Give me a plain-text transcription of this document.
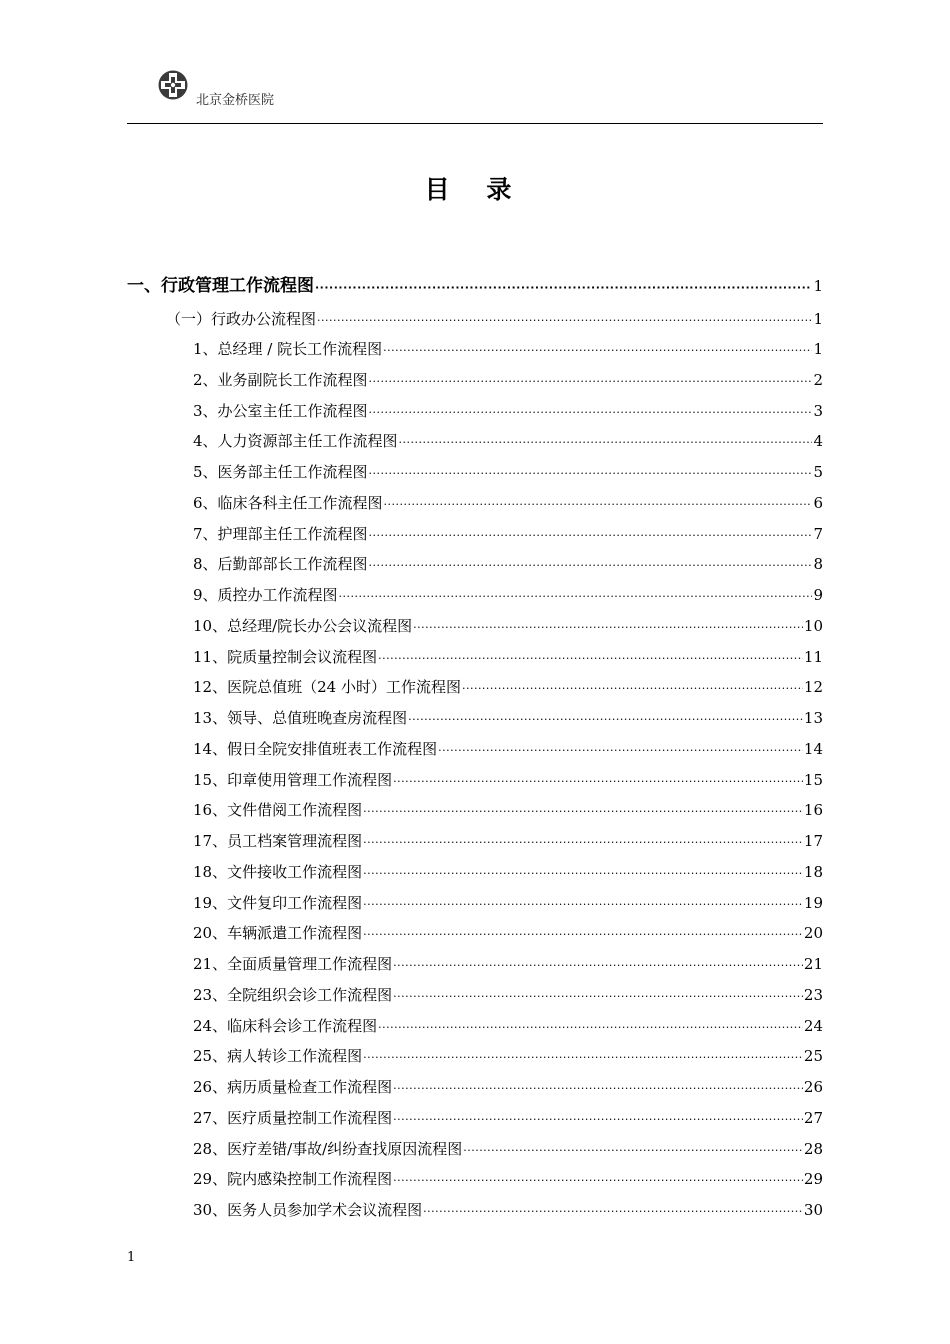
北京金桥医院
目 录
一、行政管理工作流程图 ·····	1
（一）行政办公流程图 ·····	1
1、总经理 / 院长工作流程图 ·····	1
2、业务副院长工作流程图 ·····	2
3、办公室主任工作流程图 ·····	3
4、人力资源部主任工作流程图 ·····	4
5、医务部主任工作流程图 ·····	5
6、临床各科主任工作流程图 ·····	6
7、护理部主任工作流程图 ·····	7
8、后勤部部长工作流程图 ·····	8
9、质控办工作流程图 ·····	9
10、总经理/院长办公会议流程图 ·····	10
11、院质量控制会议流程图 ·····	11
12、医院总值班（24 小时）工作流程图 ·····	12
13、领导、总值班晚查房流程图 ·····	13
14、假日全院安排值班表工作流程图 ·····	14
15、印章使用管理工作流程图 ·····	15
16、文件借阅工作流程图 ·····	16
17、员工档案管理流程图 ·····	17
18、文件接收工作流程图 ·····	18
19、文件复印工作流程图 ·····	19
20、车辆派遣工作流程图 ·····	20
21、全面质量管理工作流程图 ·····	21
23、全院组织会诊工作流程图 ·····	23
24、临床科会诊工作流程图 ·····	24
25、病人转诊工作流程图 ·····	25
26、病历质量检查工作流程图 ·····	26
27、医疗质量控制工作流程图 ·····	27
28、医疗差错/事故/纠纷查找原因流程图 ·····	28
29、院内感染控制工作流程图 ·····	29
30、医务人员参加学术会议流程图 ·····	30
1
